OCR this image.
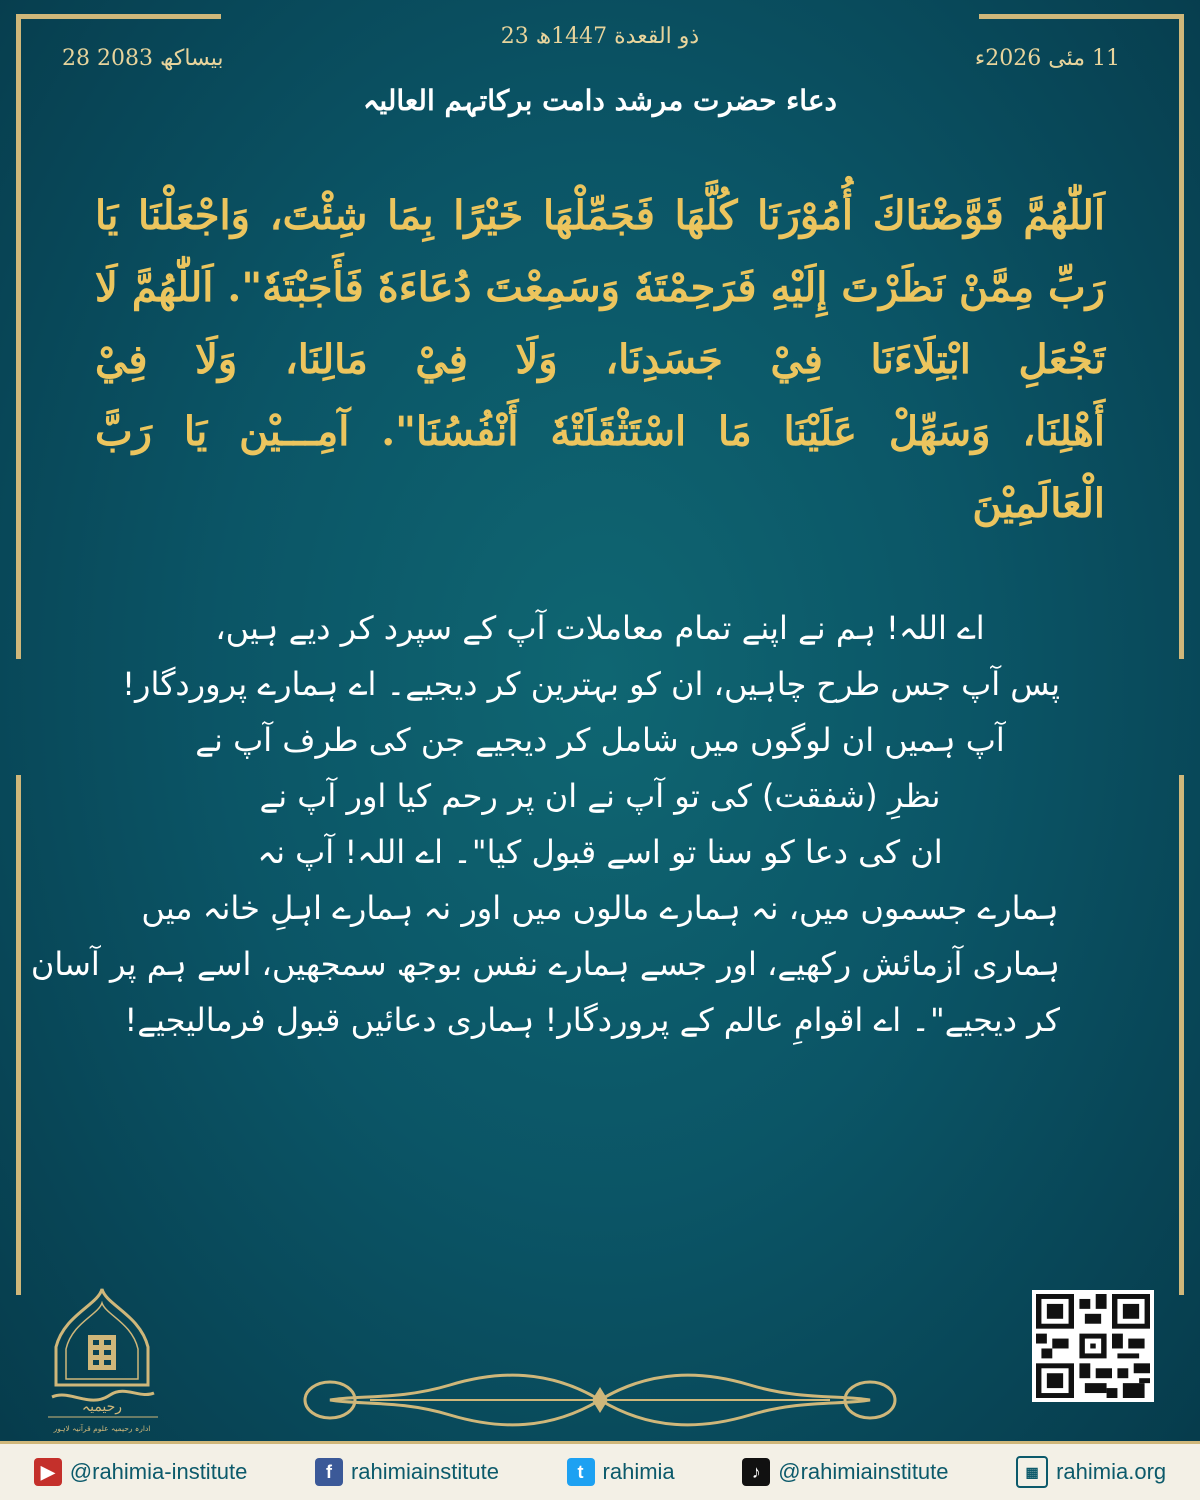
23 ذو القعدة 1447ھ
28 بیساکھ 2083	11 مئی 2026ء
دعاء حضرت مرشد دامت برکاتہم العالیہ
اَللّٰهُمَّ فَوَّضْنَاكَ أُمُوْرَنَا كُلَّهَا فَجَمِّلْهَا خَيْرًا بِمَا شِئْتَ، وَاجْعَلْنَا يَا
رَبِّ مِمَّنْ نَظَرْتَ إِلَيْهِ فَرَحِمْتَهٗ وَسَمِعْتَ دُعَاءَهٗ فَأَجَبْتَهٗ". اَللّٰهُمَّ لَا
تَجْعَلِ ابْتِلَاءَنَا فِيْ جَسَدِنَا، وَلَا فِيْ مَالِنَا، وَلَا فِيْ
أَهْلِنَا، وَسَهِّلْ عَلَيْنَا مَا اسْتَثْقَلَتْهٗ أَنْفُسُنَا". آمِـــيْن يَا رَبَّ الْعَالَمِيْنَ
اے اللہ! ہم نے اپنے تمام معاملات آپ کے سپرد کر دیے ہیں،
پس آپ جس طرح چاہیں، ان کو بہترین کر دیجیے۔ اے ہمارے پروردگار!
آپ ہمیں ان لوگوں میں شامل کر دیجیے جن کی طرف آپ نے
نظرِ (شفقت) کی تو آپ نے ان پر رحم کیا اور آپ نے
ان کی دعا کو سنا تو اسے قبول کیا"۔ اے اللہ! آپ نہ
ہمارے جسموں میں، نہ ہمارے مالوں میں اور نہ ہمارے اہلِ خانہ میں
ہماری آزمائش رکھیے، اور جسے ہمارے نفس بوجھ سمجھیں، اسے ہم پر آسان
کر دیجیے"۔ اے اقوامِ عالم کے پروردگار! ہماری دعائیں قبول فرمالیجیے!
رحیمیہ
ادارہ رحیمیہ علوم قرآنیہ لاہور
▶ @rahimia-institute	f rahimiainstitute	t rahimia	♪ @rahimiainstitute	▦ rahimia.org
